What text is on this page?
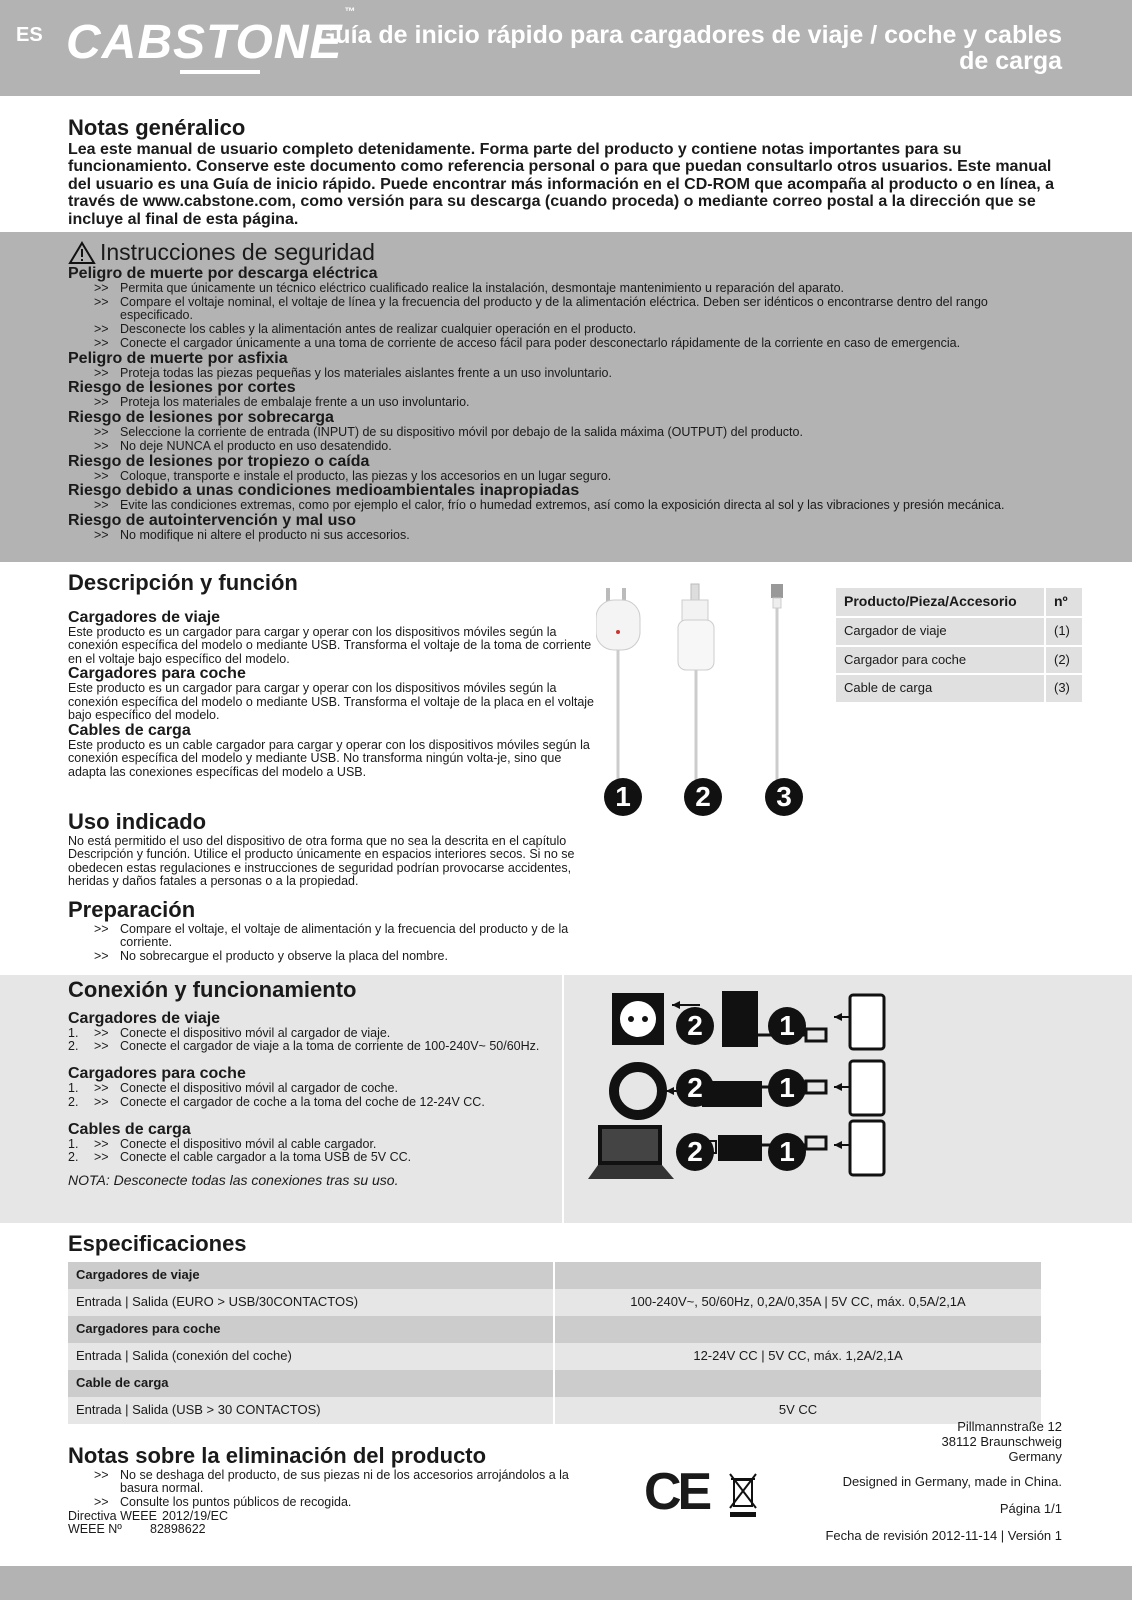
ES CABSTONE™
Guía de inicio rápido para cargadores de viaje / coche y cables de carga
Notas genéralico
Lea este manual de usuario completo detenidamente. Forma parte del producto y contiene notas importantes para su funcionamiento. Conserve este documento como referencia personal o para que puedan consultarlo otros usuarios. Este manual del usuario es una Guía de inicio rápido. Puede encontrar más información en el CD-ROM que acompaña al producto o en línea, a través de www.cabstone.com, como versión para su descarga (cuando proceda) o mediante correo postal a la dirección que se incluye al final de esta página.
Instrucciones de seguridad
Peligro de muerte por descarga eléctrica
>> Permita que únicamente un técnico eléctrico cualificado realice la instalación, desmontaje mantenimiento u reparación del aparato.
>> Compare el voltaje nominal, el voltaje de línea y la frecuencia del producto y de la alimentación eléctrica. Deben ser idénticos o encontrarse dentro del rango especificado.
>> Desconecte los cables y la alimentación antes de realizar cualquier operación en el producto.
>> Conecte el cargador únicamente a una toma de corriente de acceso fácil para poder desconectarlo rápidamente de la corriente en caso de emergencia.
Peligro de muerte por asfixia
>> Proteja todas las piezas pequeñas y los materiales aislantes frente a un uso involuntario.
Riesgo de lesiones por cortes
>> Proteja los materiales de embalaje frente a un uso involuntario.
Riesgo de lesiones por sobrecarga
>> Seleccione la corriente de entrada (INPUT) de su dispositivo móvil por debajo de la salida máxima (OUTPUT) del producto.
>> No deje NUNCA el producto en uso desatendido.
Riesgo de lesiones por tropiezo o caída
>> Coloque, transporte e instale el producto, las piezas y los accesorios en un lugar seguro.
Riesgo debido a unas condiciones medioambientales inapropiadas
>> Evite las condiciones extremas, como por ejemplo el calor, frío o humedad extremos, así como la exposición directa al sol y las vibraciones y presión mecánica.
Riesgo de autointervención y mal uso
>> No modifique ni altere el producto ni sus accesorios.
Descripción y función
Cargadores de viaje
Este producto es un cargador para cargar y operar con los dispositivos móviles según la conexión específica del modelo o mediante USB. Transforma el voltaje de la toma de corriente en el voltaje bajo específico del modelo.
Cargadores para coche
Este producto es un cargador para cargar y operar con los dispositivos móviles según la conexión específica del modelo o mediante USB. Transforma el voltaje de la placa en el voltaje bajo específico del modelo.
Cables de carga
Este producto es un cable cargador para cargar y operar con los dispositivos móviles según la conexión específica del modelo y mediante USB. No transforma ningún volta-je, sino que adapta las conexiones específicas del modelo a USB.
1	2	3
Producto/Pieza/Accesorio	nº
Cargador de viaje	(1)
Cargador para coche	(2)
Cable de carga	(3)
Uso indicado
No está permitido el uso del dispositivo de otra forma que no sea la descrita en el capítulo Descripción y función. Utilice el producto únicamente en espacios interiores secos. Si no se obedecen estas regulaciones e instrucciones de seguridad podrían provocarse accidentes, heridas y daños fatales a personas o a la propiedad.
Preparación
>> Compare el voltaje, el voltaje de alimentación y la frecuencia del producto y de la corriente.
>> No sobrecargue el producto y observe la placa del nombre.
Conexión y funcionamiento
Cargadores de viaje
1.	>> Conecte el dispositivo móvil al cargador de viaje.
2.	>> Conecte el cargador de viaje a la toma de corriente de 100-240V~ 50/60Hz.
Cargadores para coche
1.	>> Conecte el dispositivo móvil al cargador de coche.
2.	>> Conecte el cargador de coche a la toma del coche de 12-24V CC.
Cables de carga
1.	>> Conecte el dispositivo móvil al cable cargador.
2.	>> Conecte el cable cargador a la toma USB de 5V CC.
NOTA: Desconecte todas las conexiones tras su uso.
2	1
2	1
2	1
Especificaciones
Cargadores de viaje	
Entrada | Salida (EURO > USB/30CONTACTOS)	100-240V~, 50/60Hz, 0,2A/0,35A | 5V CC, máx. 0,5A/2,1A
Cargadores para coche	
Entrada | Salida (conexión del coche)	12-24V CC | 5V CC, máx. 1,2A/2,1A
Cable de carga	
Entrada | Salida (USB > 30 CONTACTOS)	5V CC
Notas sobre la eliminación del producto
>> No se deshaga del producto, de sus piezas ni de los accesorios arrojándolos a la basura normal.
>> Consulte los puntos públicos de recogida.
Directiva WEEE 2012/19/EC
WEEE Nº	82898622
CE
Pillmannstraße 12
38112 Braunschweig
Germany
Designed in Germany, made in China.
Página 1/1
Fecha de revisión 2012-11-14 | Versión 1
